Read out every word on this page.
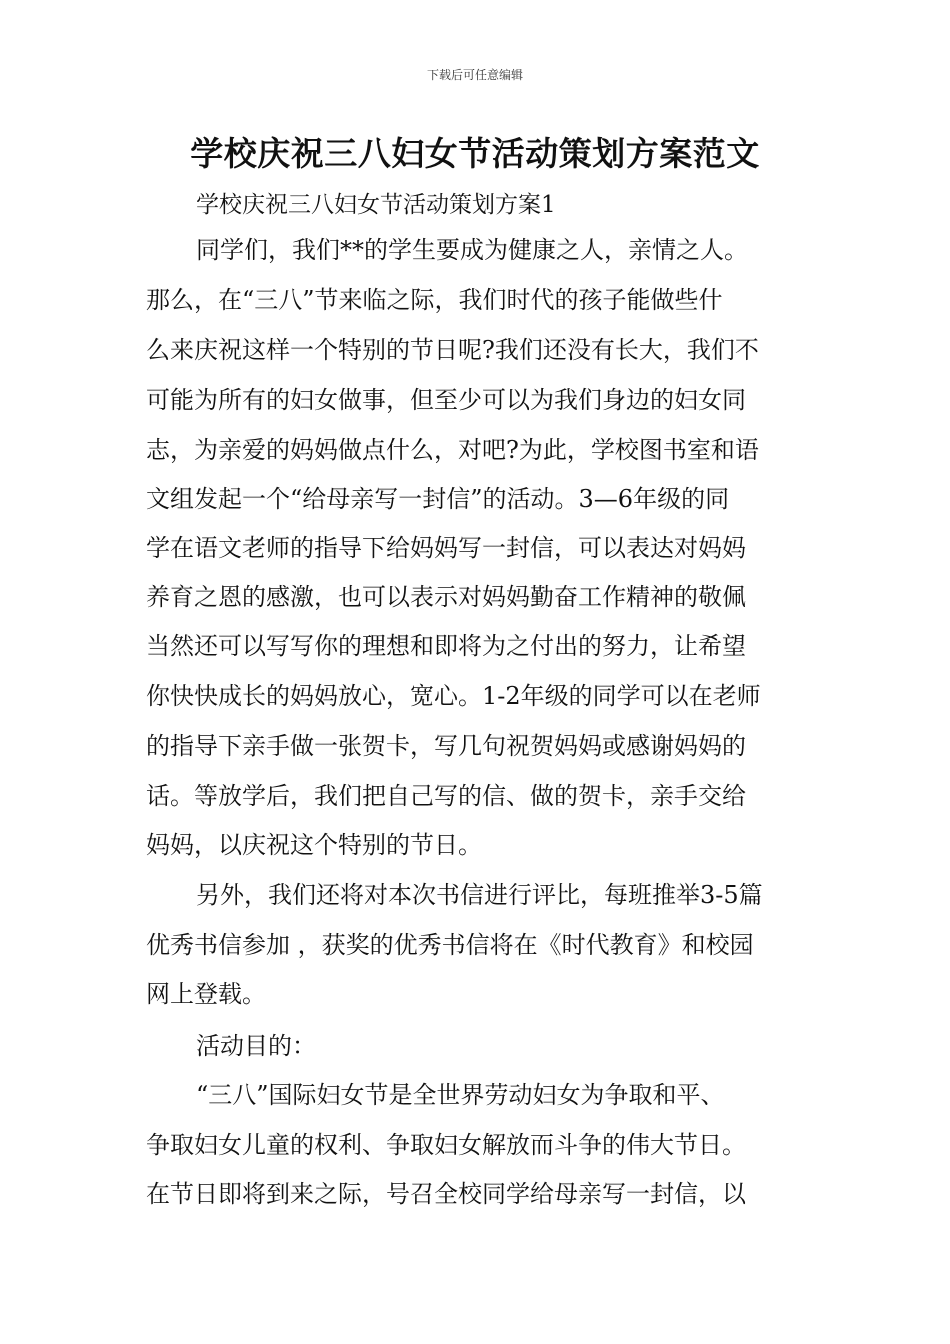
下载后可任意编辑
学校庆祝三八妇女节活动策划方案范文
学校庆祝三八妇女节活动策划方案1
同学们，我们**的学生要成为健康之人，亲情之人。
那么，在“三八”节来临之际，我们时代的孩子能做些什
么来庆祝这样一个特别的节日呢?我们还没有长大，我们不
可能为所有的妇女做事，但至少可以为我们身边的妇女同
志，为亲爱的妈妈做点什么，对吧?为此，学校图书室和语
文组发起一个“给母亲写一封信”的活动。3—6年级的同
学在语文老师的指导下给妈妈写一封信，可以表达对妈妈
养育之恩的感激，也可以表示对妈妈勤奋工作精神的敬佩
当然还可以写写你的理想和即将为之付出的努力，让希望
你快快成长的妈妈放心，宽心。1-2年级的同学可以在老师
的指导下亲手做一张贺卡，写几句祝贺妈妈或感谢妈妈的
话。等放学后，我们把自己写的信、做的贺卡，亲手交给
妈妈，以庆祝这个特别的节日。
另外，我们还将对本次书信进行评比，每班推举3-5篇
优秀书信参加 ，获奖的优秀书信将在《时代教育》和校园
网上登载。
活动目的：
“三八”国际妇女节是全世界劳动妇女为争取和平、
争取妇女儿童的权利、争取妇女解放而斗争的伟大节日。
在节日即将到来之际，号召全校同学给母亲写一封信，以
